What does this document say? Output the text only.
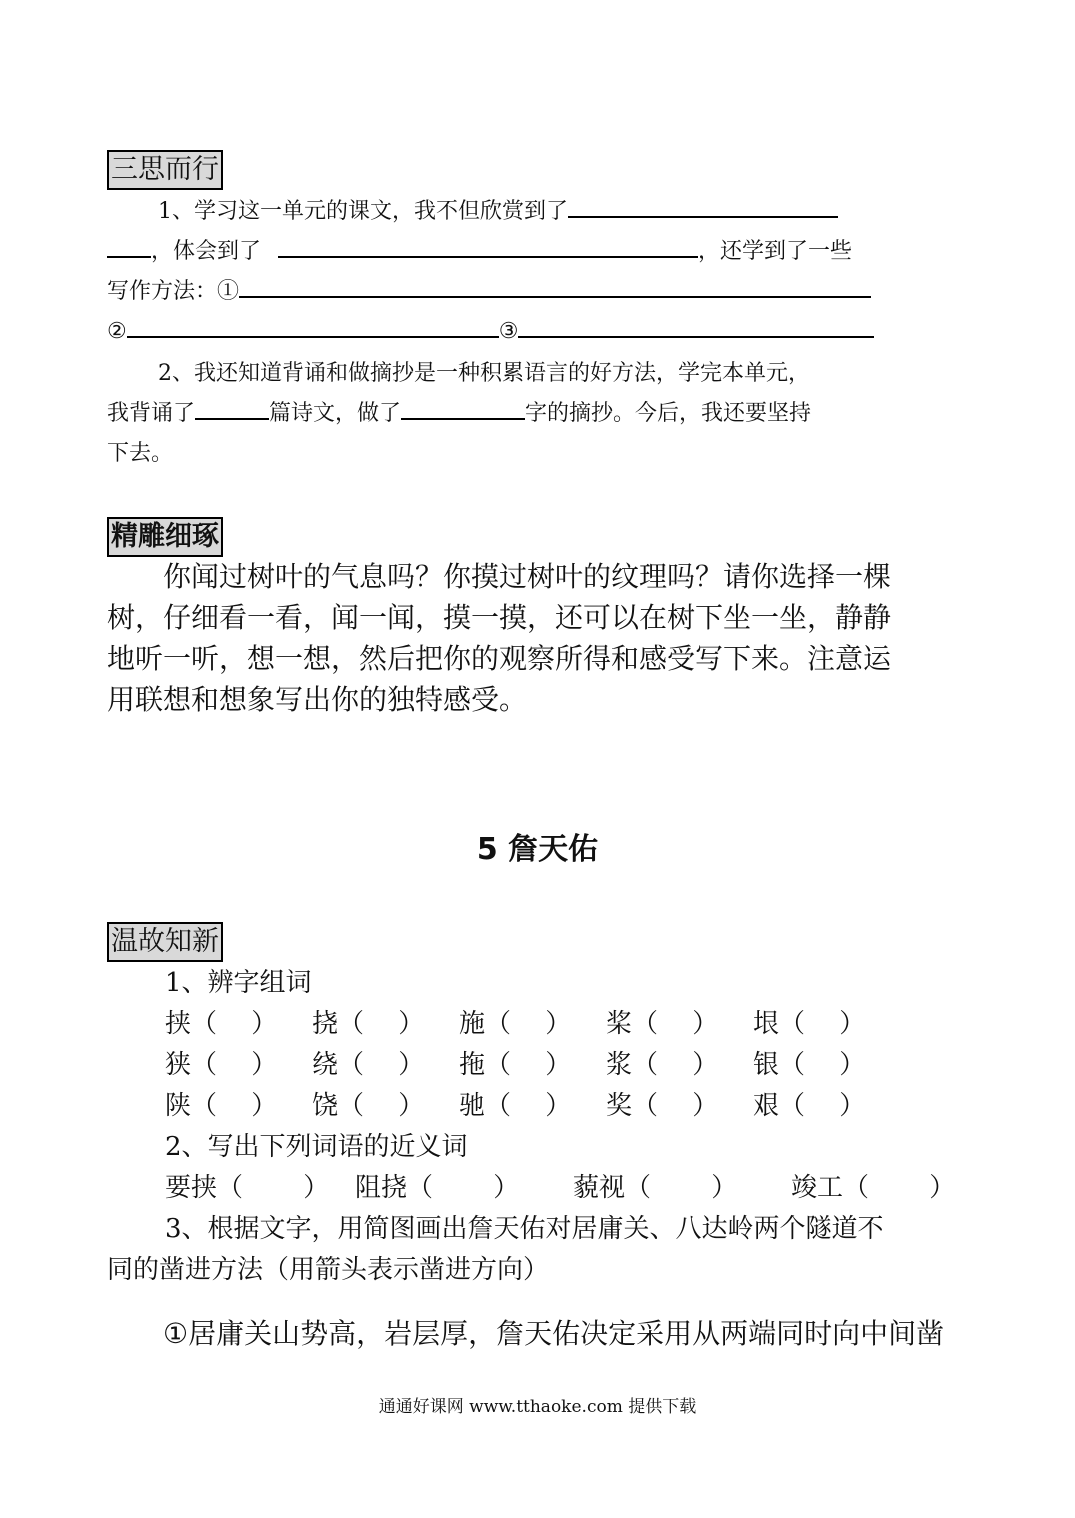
三思而行
1、学习这一单元的课文，我不但欣赏到了
，体会到了	，还学到了一些
写作方法：①
②	③
2、我还知道背诵和做摘抄是一种积累语言的好方法，学完本单元，
我背诵了	篇诗文，做了	字的摘抄。今后，我还要坚持
下去。
精雕细琢
你闻过树叶的气息吗？你摸过树叶的纹理吗？请你选择一棵
树，仔细看一看，闻一闻，摸一摸，还可以在树下坐一坐，静静
地听一听，想一想，然后把你的观察所得和感受写下来。注意运
用联想和想象写出你的独特感受。
5 詹天佑
温故知新
1、辨字组词
挟（　 ） 挠（　 ） 施（　 ） 桨（　 ） 垠（　 ）
狭（　 ） 绕（　 ） 拖（　 ） 浆（　 ） 银（　 ）
陕（　 ） 饶（　 ） 驰（　 ） 奖（　 ） 艰（　 ）
2、写出下列词语的近义词
要挟（　　 ） 阻挠（　　 ） 藐视（　　 ） 竣工（　　 ）
3、根据文字，用简图画出詹天佑对居庸关、八达岭两个隧道不
同的凿进方法（用箭头表示凿进方向）
①居庸关山势高，岩层厚，詹天佑决定采用从两端同时向中间凿
通通好课网 www.tthaoke.com 提供下载
